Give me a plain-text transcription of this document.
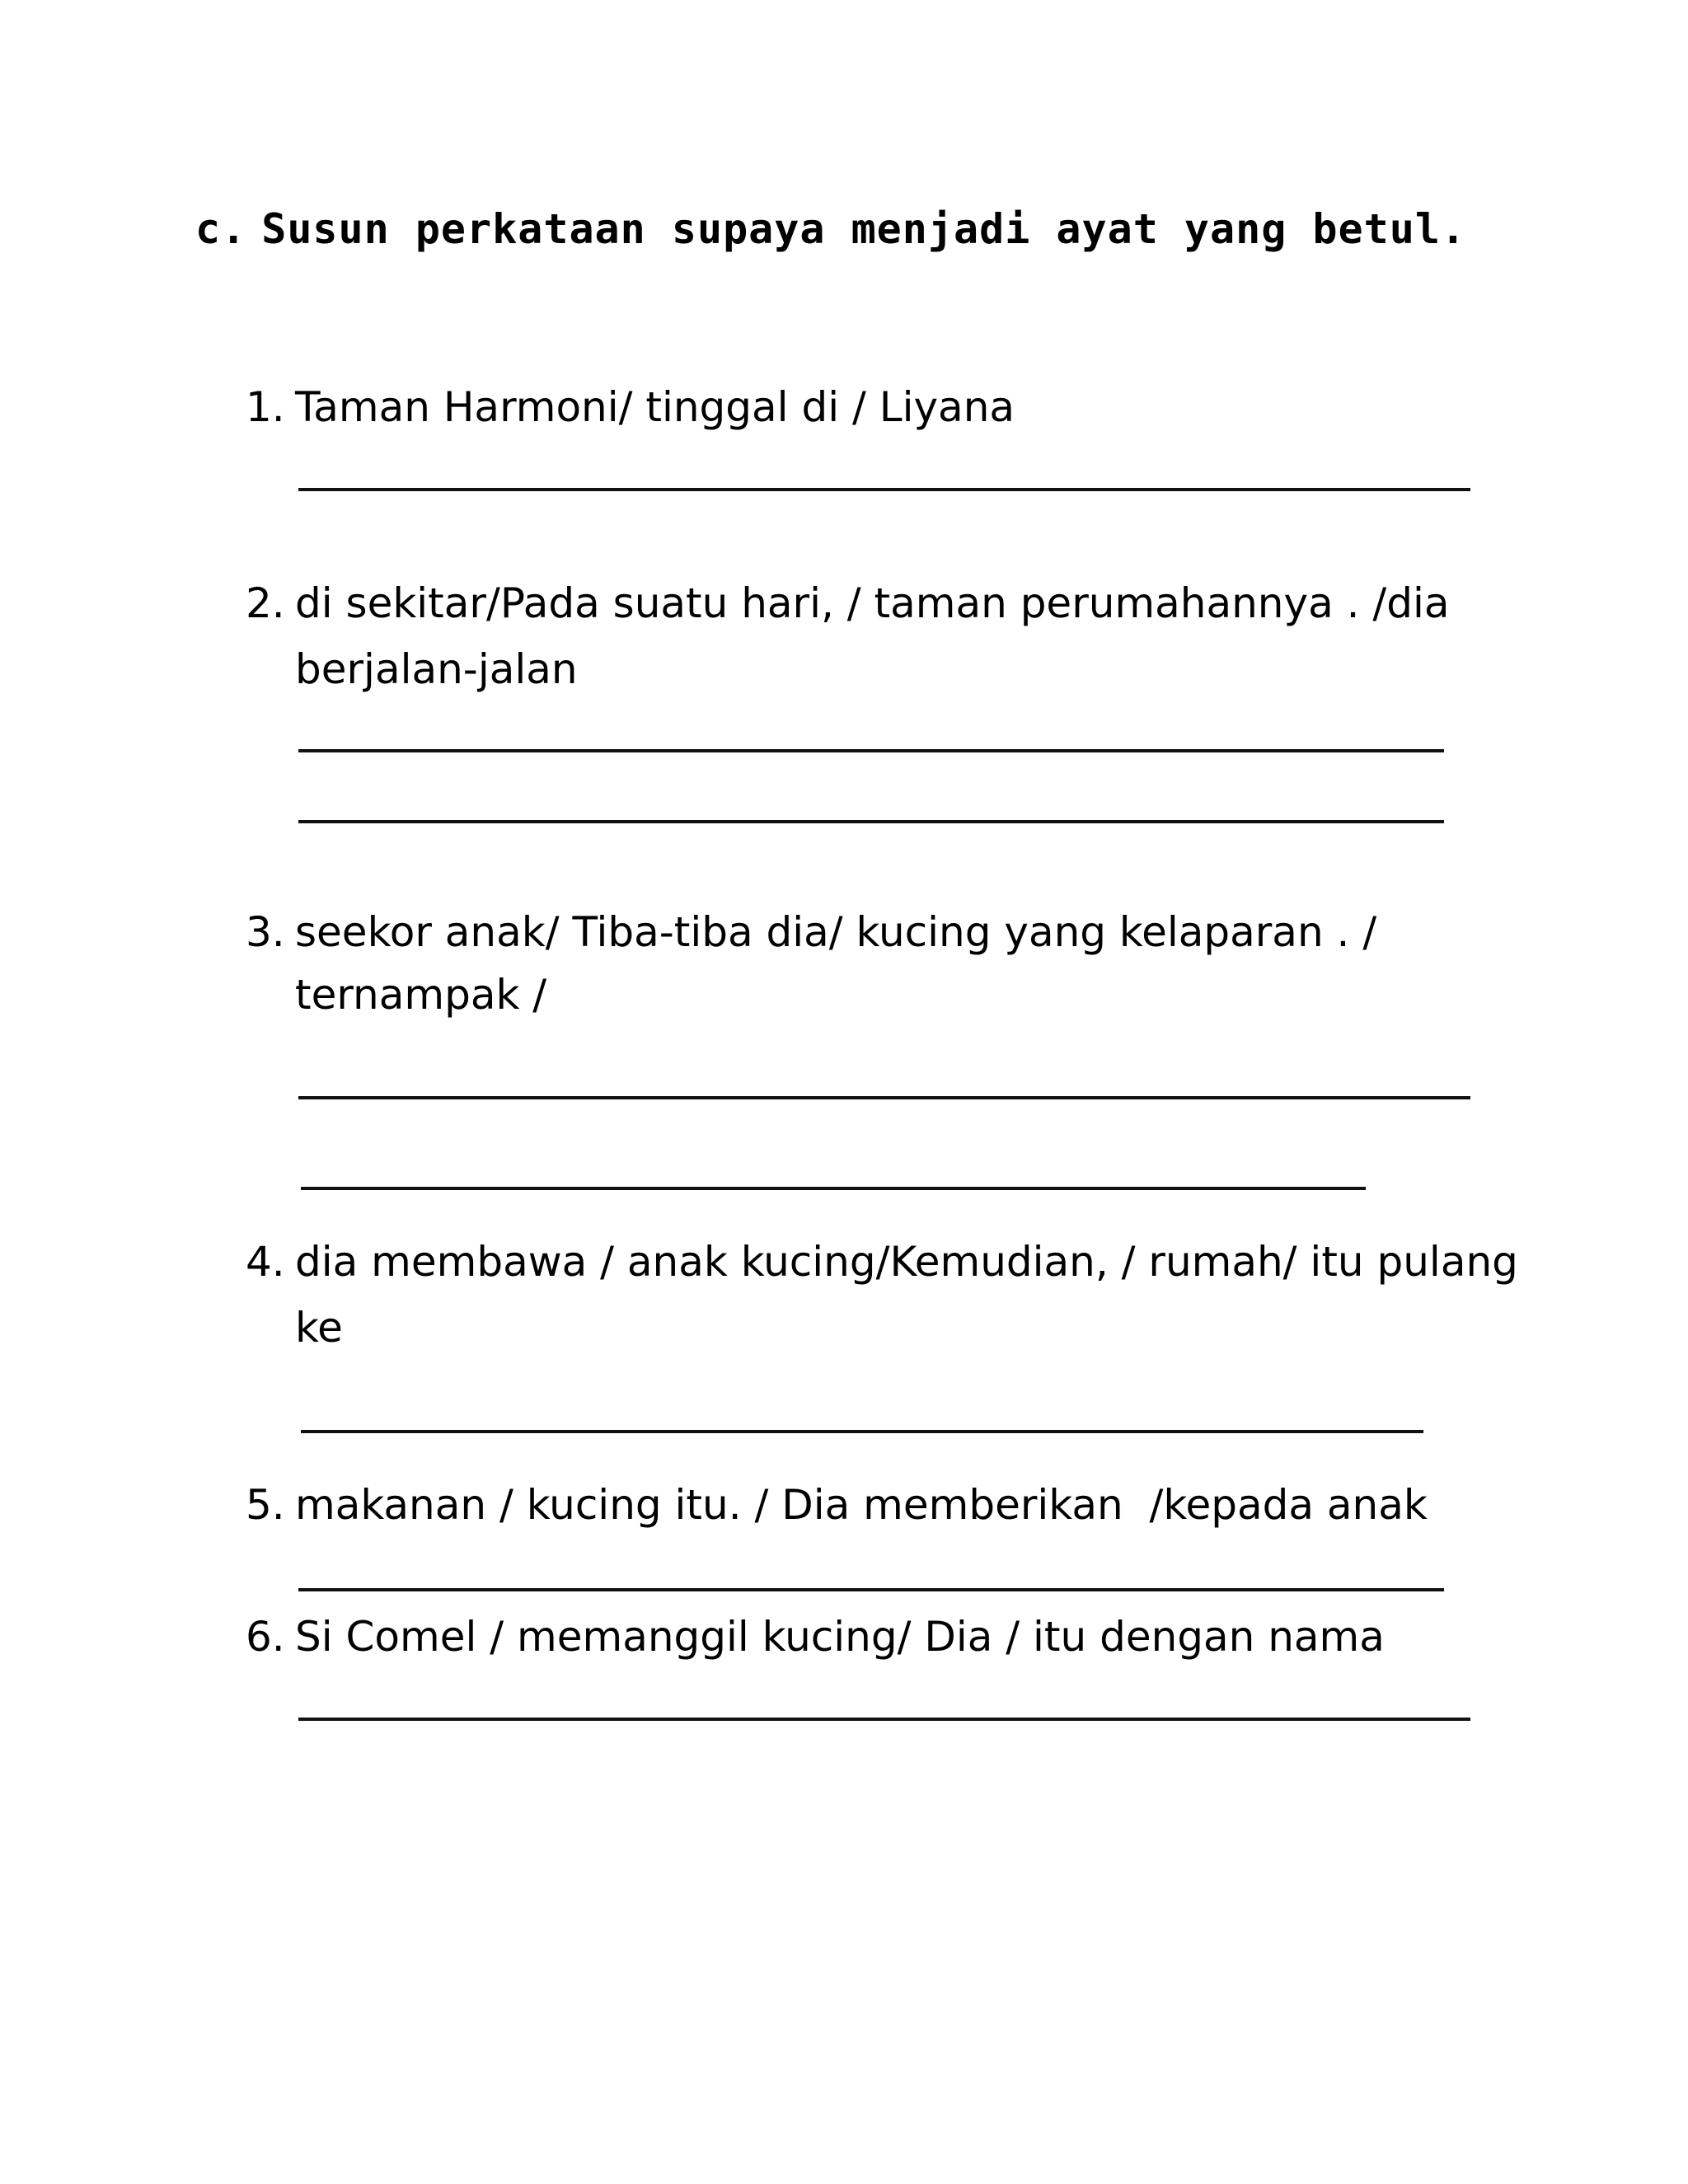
c. Susun perkataan supaya menjadi ayat yang betul.
1. Taman Harmoni/ tinggal di / Liyana
2. di sekitar/Pada suatu hari, / taman perumahannya . /dia
berjalan-jalan
3. seekor anak/ Tiba-tiba dia/ kucing yang kelaparan . /
ternampak /
4. dia membawa / anak kucing/Kemudian, / rumah/ itu pulang
ke
5. makanan / kucing itu. / Dia memberikan  /kepada anak
6. Si Comel / memanggil kucing/ Dia / itu dengan nama
